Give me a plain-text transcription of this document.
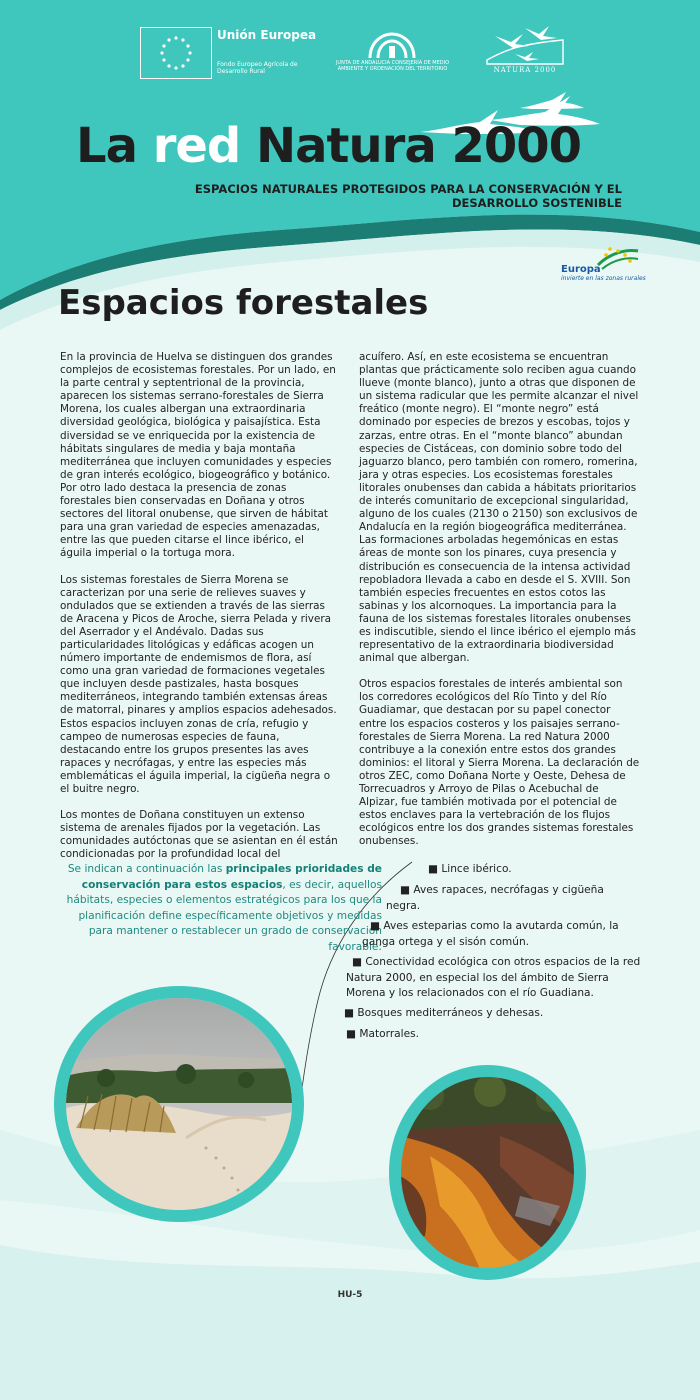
Unión Europea
Fondo Europeo Agrícola de Desarrollo Rural
JUNTA DE ANDALUCIA CONSEJERÍA DE MEDIO AMBIENTE Y ORDENACIÓN DEL TERRITORIO	NATURA 2000
La red Natura 2000
ESPACIOS NATURALES PROTEGIDOS PARA LA CONSERVACIÓN Y EL DESARROLLO SOSTENIBLE
Europa
invierte en las zonas rurales
Espacios forestales

En la provincia de Huelva se distinguen dos grandes complejos de ecosistemas forestales. Por un lado, en la parte central y septentrional de la provincia, aparecen los sistemas serrano-forestales de Sierra Morena, los cuales albergan una extraordinaria diversidad geológica, biológica y paisajística. Esta diversidad se ve enriquecida por la existencia de hábitats singulares de media y baja montaña mediterránea que incluyen comunidades y especies de gran interés ecológico, biogeográfico y botánico. Por otro lado destaca la presencia de zonas forestales bien conservadas en Doñana y otros sectores del litoral onubense, que sirven de hábitat para una gran variedad de especies amenazadas, entre las que pueden citarse el lince ibérico, el águila imperial o la tortuga mora.

Los sistemas forestales de Sierra Morena se caracterizan por una serie de relieves suaves y ondulados que se extienden a través de las sierras de Aracena y Picos de Aroche, sierra Pelada y rivera del Aserrador y el Andévalo. Dadas sus particularidades litológicas y edáficas acogen un número importante de endemismos de flora, así como una gran variedad de formaciones vegetales que incluyen desde pastizales, hasta bosques mediterráneos, integrando también extensas áreas de matorral, pinares y amplios espacios adehesados. Estos espacios incluyen zonas de cría, refugio y campeo de numerosas especies de fauna, destacando entre los grupos presentes las aves rapaces y necrófagas, y entre las especies más emblemáticas el águila imperial, la cigüeña negra o el buitre negro.

Los montes de Doñana constituyen un extenso sistema de arenales fijados por la vegetación. Las comunidades autóctonas que se asientan en él están condicionadas por la profundidad local del

acuífero. Así, en este ecosistema se encuentran plantas que prácticamente solo reciben agua cuando llueve (monte blanco), junto a otras que disponen de un sistema radicular que les permite alcanzar el nivel freático (monte negro). El “monte negro” está dominado por especies de brezos y escobas, tojos y zarzas, entre otras. En el “monte blanco” abundan especies de Cistáceas, con dominio sobre todo del jaguarzo blanco, pero también con romero, romerina, jara y otras especies. Los ecosistemas forestales litorales onubenses dan cabida a hábitats prioritarios de interés comunitario de excepcional singularidad, alguno de los cuales (2130 o 2150) son exclusivos de Andalucía en la región biogeográfica mediterránea. Las formaciones arboladas hegemónicas en estas áreas de monte son los pinares, cuya presencia y distribución es consecuencia de la intensa actividad repobladora llevada a cabo en desde el S. XVIII. Son también especies frecuentes en estos cotos las sabinas y los alcornoques. La importancia para la fauna de los sistemas forestales litorales onubenses es indiscutible, siendo el lince ibérico el ejemplo más representativo de la extraordinaria biodiversidad animal que albergan.

Otros espacios forestales de interés ambiental son los corredores ecológicos del Río Tinto y del Río Guadiamar, que destacan por su papel conector entre los espacios costeros y los paisajes serrano-forestales de Sierra Morena. La red Natura 2000 contribuye a la conexión entre estos dos grandes dominios: el litoral y Sierra Morena. La declaración de otros ZEC, como Doñana Norte y Oeste, Dehesa de Torrecuadros y Arroyo de Pilas o Acebuchal de Alpizar, fue también motivada por el potencial de estos enclaves para la vertebración de los flujos ecológicos entre los dos grandes sistemas forestales onubenses.

Se indican a continuación las principales prioridades de conservación para estos espacios, es decir, aquellos hábitats, especies o elementos estratégicos para los que la planificación define específicamente objetivos y medidas para mantener o restablecer un grado de conservación favorable:
■ Lince ibérico.
■ Aves rapaces, necrófagas y cigüeña negra.
■ Aves esteparias como la avutarda común, la ganga ortega y el sisón común.
■ Conectividad ecológica con otros espacios de la red Natura 2000, en especial los del ámbito de Sierra Morena y los relacionados con el río Guadiana.
■ Bosques mediterráneos y dehesas.
■ Matorrales.
HU-5
